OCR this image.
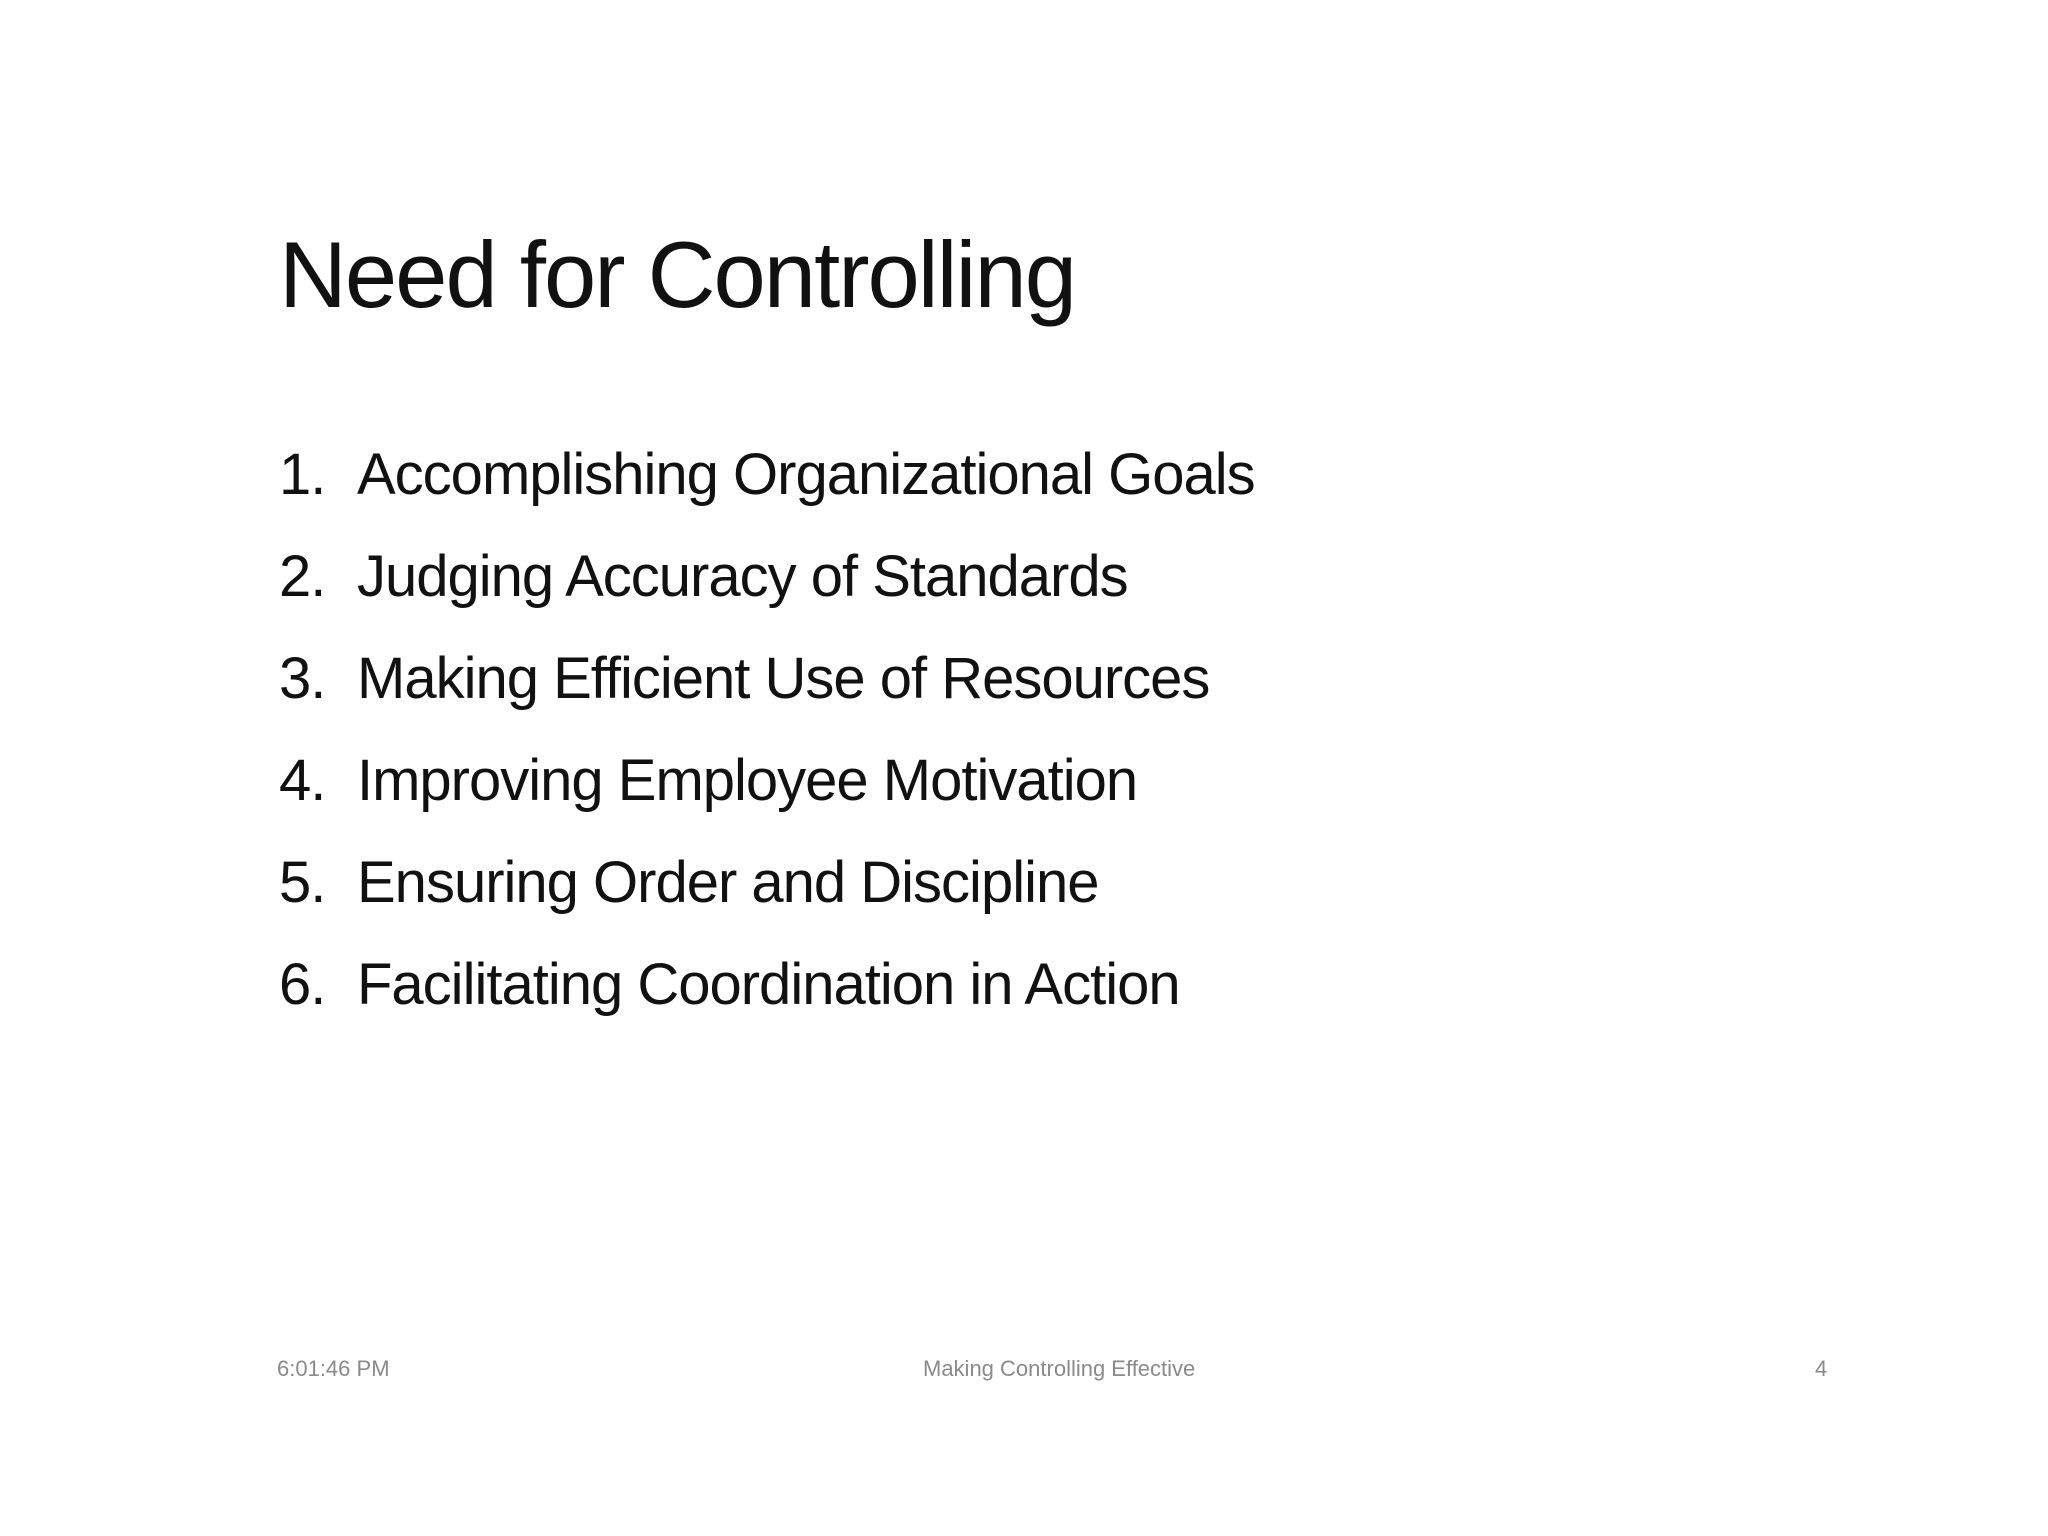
Need for Controlling
1. Accomplishing Organizational Goals
2. Judging Accuracy of Standards
3. Making Efficient Use of Resources
4. Improving Employee Motivation
5. Ensuring Order and Discipline
6. Facilitating Coordination in Action
6:01:46 PM	Making Controlling Effective	4
